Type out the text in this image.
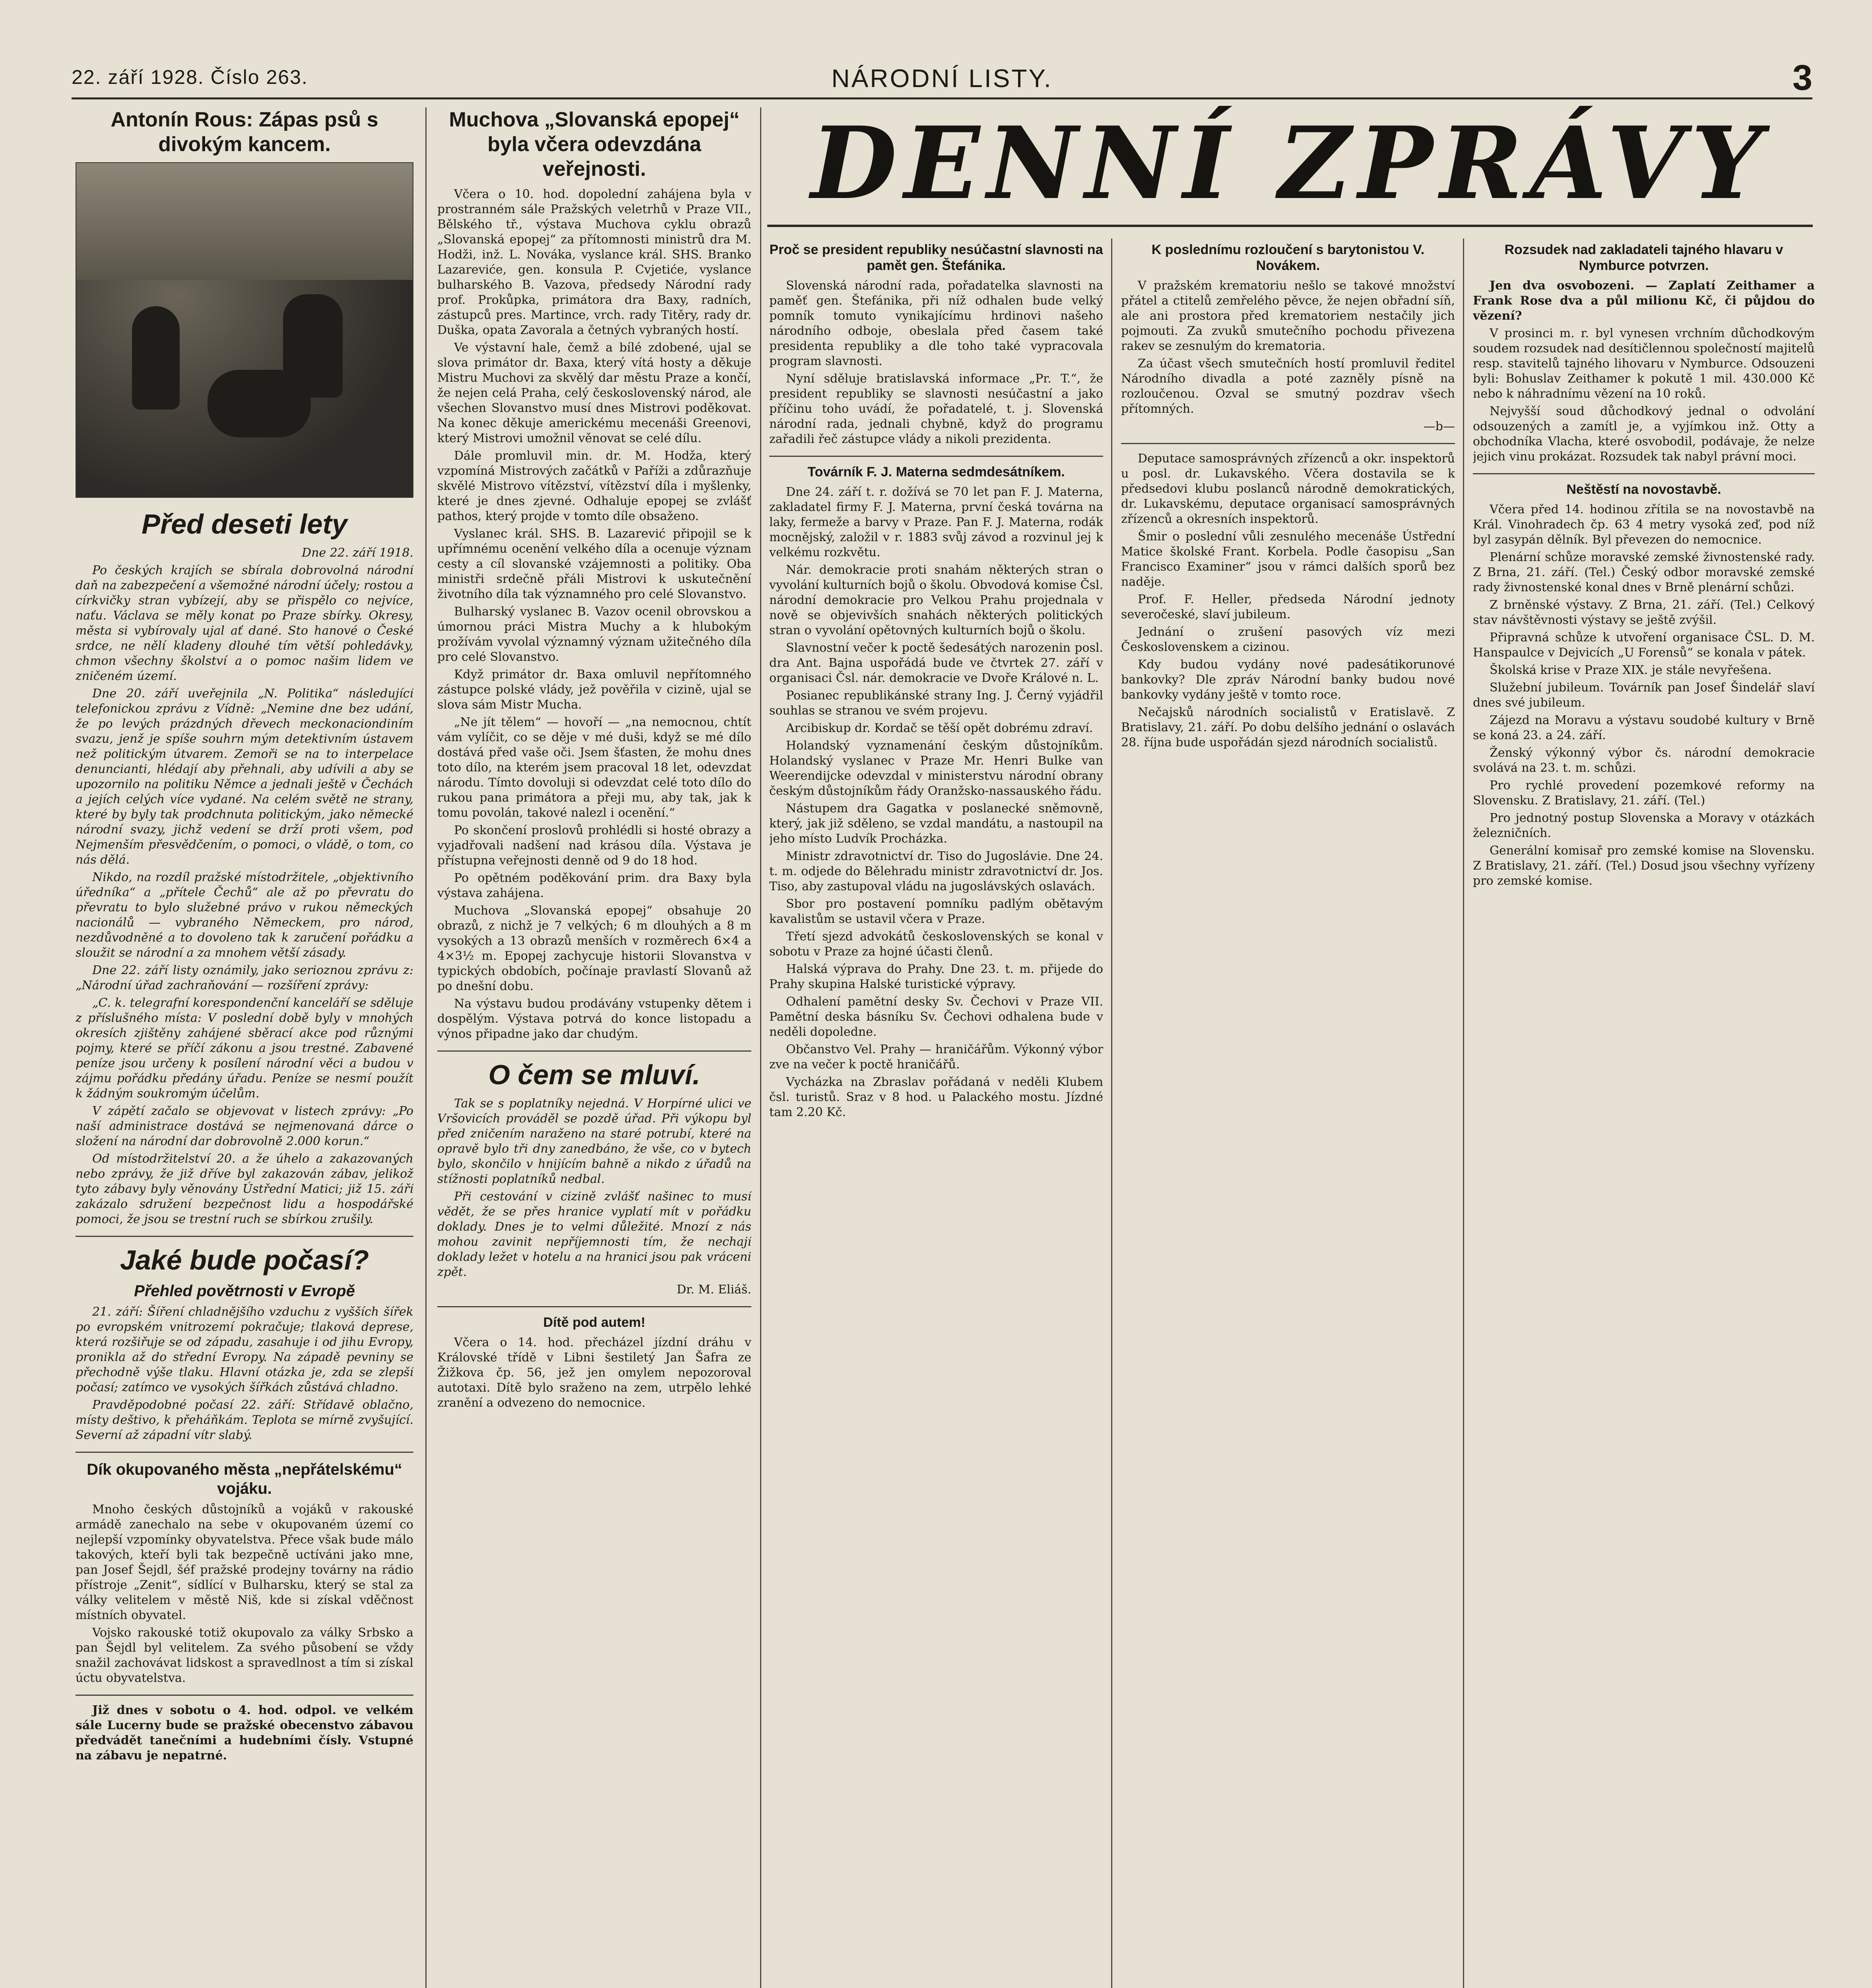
22. září 1928. Číslo 263.	NÁRODNÍ LISTY.	3
Antonín Rous: Zápas psů s divokým kancem.
Před deseti lety

Dne 22. září 1918.

Po českých krajích se sbírala dobrovolná národní daň na zabezpečení a všemožné národní účely; rostou a církvičky stran vybízejí, aby se přispělo co nejvíce, na⁠ťu. Václava se měly konat po Praze sbírky. Okresy, města si vybírovaly ujal ať dané. Sto hanové o České srdce, ne nělí kladeny dlouhé tím větší pohledávky, chmon všechny školství a o pomoc našim lidem ve zničeném území.

Dne 20. září uveřejnila „N. Politika“ následující telefonickou zprávu z Vídně: „Nemine dne bez udání, že po levých prázdných dřevech meckonaciondiním svazu, jenž je spíše souhrn mým detektivním ústavem než politickým útvarem. Zemoři se na to interpelace denuncianti, hlédají aby přehnali, aby udívili a aby se upozornilo na politiku Němce a jednali ještě v Čechách a jejích celých více vydané. Na celém světě ne strany, které by byly tak prodchnuta politickým, jako německé národní svazy, jichž vedení se drží proti všem, pod Nejmenším přesvědčením, o pomoci, o vládě, o tom, co nás dělá.

Nikdo, na rozdíl pražské místodržitele, „objektivního úředníka“ a „přítele Čechů“ ale až po převratu do převratu to bylo služebné právo v rukou německých nacionálů — vybraného Německem, pro národ, nezdůvodněné a to dovoleno tak k zaručení pořádku a sloužit se národní a za mnohem větší zásady.

Dne 22. září listy oznámily, jako serioznou zprávu z: „Národní úřad zachraňování — rozšíření zprávy:

„C. k. telegrafní korespondenční kanceláří se sděluje z příslušného místa: V poslední době byly v mnohých okresích zjištěny zahájené sběrací akce pod různými pojmy, které se příčí zákonu a jsou trestné. Zabavené peníze jsou určeny k posílení národní věci a budou v zájmu pořádku předány úřadu. Peníze se nesmí použít k žádným soukromým účelům.

V zápětí začalo se objevovat v listech zprávy: „Po naší administrace dostává se nejmenovaná dárce o složení na národní dar dobrovolně 2.000 korun.“

Od místodržitelství 20. a že úhelo a zakazovaných nebo zprávy, že již dříve byl zakazován zábav, jelikož tyto zábavy byly věnovány Ústřední Matici; již 15. září zakázalo sdružení bezpečnost lidu a hospodářské pomoci, že jsou se trestní ruch se sbírkou zrušily.

Jaké bude počasí?
Přehled povětrnosti v Evropě

21. září: Šíření chladnějšího vzduchu z vyšších šířek po evropském vnitrozemí pokračuje; tlaková deprese, která rozšiřuje se od západu, zasahuje i od jihu Evropy, pronikla až do střední Evropy. Na západě pevniny se přechodně výše tlaku. Hlavní otázka je, zda se zlepší počasí; zatímco ve vysokých šířkách zůstává chladno.

Pravděpodobné počasí 22. září: Střídavě oblačno, místy deštivo, k přeháňkám. Teplota se mírně zvyšující. Severní až západní vítr slabý.

Dík okupovaného města „nepřátelskému“ vojáku.

Mnoho českých důstojníků a vojáků v rakouské armádě zanechalo na sebe v okupovaném území co nejlepší vzpomínky obyvatelstva. Přece však bude málo takových, kteří byli tak bezpečně uctíváni jako mne, pan Josef Šejdl, šéf pražské prodejny továrny na rádio přístroje „Zenit“, sídlící v Bulharsku, který se stal za války velitelem v městě Niš, kde si získal vděčnost místních obyvatel.

Vojsko rakouské totiž okupovalo za války Srbsko a pan Šejdl byl velitelem. Za svého působení se vždy snažil zachovávat lidskost a spravedlnost a tím si získal úctu obyvatelstva.

Již dnes v sobotu o 4. hod. odpol. ve velkém sále Lucerny bude se pražské obecenstvo zábavou předvádět tanečními a hudebními čísly. Vstupné na zábavu je nepatrné.

Muchova „Slovanská epopej“ byla včera odevzdána veřejnosti.

Včera o 10. hod. dopolední zahájena byla v prostranném sále Pražských veletrhů v Praze VII., Bělského tř., výstava Muchova cyklu obrazů „Slovanská epopej“ za přítomnosti ministrů dra M. Hodži, inž. L. Nováka, vyslance král. SHS. Branko Lazareviće, gen. konsula P. Cvjetiće, vyslance bulharského B. Vazova, předsedy Národní rady prof. Prokůpka, primátora dra Baxy, radních, zástupců pres. Martince, vrch. rady Titěry, rady dr. Duška, opata Zavorala a četných vybraných hostí.

Ve výstavní hale, čemž a bílé zdobené, ujal se slova primátor dr. Baxa, který vítá hosty a děkuje Mistru Muchovi za skvělý dar městu Praze a končí, že nejen celá Praha, celý československý národ, ale všechen Slovanstvo musí dnes Mistrovi poděkovat. Na konec děkuje americkému mecenáši Greenovi, který Mistrovi umožnil věnovat se celé dílu.

Dále promluvil min. dr. M. Hodža, který vzpomíná Mistrových začátků v Paříži a zdůrazňuje skvělé Mistrovo vítězství, vítězství díla i myšlenky, které je dnes zjevné. Odhaluje epopej se zvlášť pathos, který projde v tomto díle obsaženo.

Vyslanec král. SHS. B. Lazarević připojil se k upřímnému ocenění velkého díla a ocenuje význam cesty a cíl slovanské vzájemnosti a politiky. Oba ministři srdečně přáli Mistrovi k uskutečnění životního díla tak významného pro celé Slovanstvo.

Bulharský vyslanec B. Vazov ocenil obrovskou a úmornou práci Mistra Muchy a k hlubokým prožívám vyvolal významný význam užitečného díla pro celé Slovanstvo.

Když primátor dr. Baxa omluvil nepřítomného zástupce polské vlády, jež pověřila v cizině, ujal se slova sám Mistr Mucha.

„Ne jít tělem“ — hovoří — „na nemocnou, chtít vám vylíčit, co se děje v mé duši, když se mé dílo dostává před vaše oči. Jsem šťasten, že mohu dnes toto dílo, na kterém jsem pracoval 18 let, odevzdat národu. Tímto dovoluji si odevzdat celé toto dílo do rukou pana primátora a přeji mu, aby tak, jak k tomu povolán, takové nalezl i ocenění.“

Po skončení proslovů prohlédli si hosté obrazy a vyjadřovali nadšení nad krásou díla. Výstava je přístupna veřejnosti denně od 9 do 18 hod.

Po opětném poděkování prim. dra Baxy byla výstava zahájena.

Muchova „Slovanská epopej“ obsahuje 20 obrazů, z nichž je 7 velkých; 6 m dlouhých a 8 m vysokých a 13 obrazů menších v rozměrech 6×4 a 4×3½ m. Epopej zachycuje historii Slovanstva v typických obdobích, počínaje pravlastí Slovanů až po dnešní dobu.

Na výstavu budou prodávány vstupenky dětem i dospělým. Výstava potrvá do konce listopadu a výnos připadne jako dar chudým.

O čem se mluví.

Tak se s poplatníky nejedná. V Horpírné ulici ve Vršovicích prováděl se pozdě úřad. Při výkopu byl před zničením naraženo na staré potrubí, které na opravě bylo tři dny zanedbáno, že vše, co v bytech bylo, skončilo v hnijícím bahně a nikdo z úřadů na stížnosti poplatníků nedbal.

Při cestování v cizině zvlášť našinec to musí vědět, že se přes hranice vyplatí mít v pořádku doklady. Dnes je to velmi důležité. Mnozí z nás mohou zavinit nepříjemnosti tím, že nechají doklady ležet v hotelu a na hranici jsou pak vráceni zpět.

Dr. M. Eliáš.

Dítě pod autem!

Včera o 14. hod. přecházel jízdní dráhu v Královské třídě v Libni šestiletý Jan Šafra ze Žižkova čp. 56, jež jen omylem nepozoroval autotaxi. Dítě bylo sraženo na zem, utrpělo lehké zranění a odvezeno do nemocnice.

DENNÍ ZPRÁVY
Proč se president republiky nesúčastní slavnosti na pamět gen. Štefánika.

Slovenská národní rada, pořadatelka slavnosti na paměť gen. Štefánika, při níž odhalen bude velký pomník tomuto vynikajícímu hrdinovi našeho národního odboje, obeslala před časem také presidenta republiky a dle toho také vypracovala program slavnosti.

Nyní sděluje bratislavská informace „Pr. T.“, že president republiky se slavnosti nesúčastní a jako příčinu toho uvádí, že pořadatelé, t. j. Slovenská národní rada, jednali chybně, když do programu zařadili řeč zástupce vlády a nikoli prezidenta.

Továrník F. J. Materna sedmdesátníkem.

Dne 24. září t. r. dožívá se 70 let pan F. J. Materna, zakladatel firmy F. J. Materna, první česká továrna na laky, fermeže a barvy v Praze. Pan F. J. Materna, rodák mocnějský, založil v r. 1883 svůj závod a rozvinul jej k velkému rozkvětu.

Nár. demokracie proti snahám některých stran o vyvolání kulturních bojů o školu. Obvodová komise Čsl. národní demokracie pro Velkou Prahu projednala v nově se objevivších snahách některých politických stran o vyvolání opětovných kulturních bojů o školu.

Slavnostní večer k poctě šedesátých narozenin posl. dra Ant. Bajna uspořádá bude ve čtvrtek 27. září v organisaci Čsl. nár. demokracie ve Dvoře Králové n. L.

Posianec republikánské strany Ing. J. Černý vyjádřil souhlas se stranou ve svém projevu.

Arcibiskup dr. Kordač se těší opět dobrému zdraví.

Holandský vyznamenání českým důstojníkům. Holandský vyslanec v Praze Mr. Henri Bulke van Weerendijcke odevzdal v ministerstvu národní obrany českým důstojníkům řády Oranžsko-nassauského řádu.

Nástupem dra Gagatka v poslanecké sněmovně, který, jak již sděleno, se vzdal mandátu, a nastoupil na jeho místo Ludvík Procházka.

Ministr zdravotnictví dr. Tiso do Jugoslávie. Dne 24. t. m. odjede do Bělehradu ministr zdravotnictví dr. Jos. Tiso, aby zastupoval vládu na jugoslávských oslavách.

Sbor pro postavení pomníku padlým obětavým kavalistům se ustavil včera v Praze.

Třetí sjezd advokátů československých se konal v sobotu v Praze za hojné účasti členů.

Halská výprava do Prahy. Dne 23. t. m. přijede do Prahy skupina Halské turistické výpravy.

Odhalení pamětní desky Sv. Čechovi v Praze VII. Pamětní deska básníku Sv. Čechovi odhalena bude v neděli dopoledne.

Občanstvo Vel. Prahy — hraničářům. Výkonný výbor zve na večer k poctě hraničářů.

Vycházka na Zbraslav pořádaná v neděli Klubem čsl. turistů. Sraz v 8 hod. u Palackého mostu. Jízdné tam 2.20 Kč.

K poslednímu rozloučení s barytonistou V. Novákem.

V pražském krematoriu nešlo se takové množství přátel a ctitelů zemřelého pěvce, že nejen obřadní síň, ale ani prostora před krematoriem nestačily jich pojmouti. Za zvuků smutečního pochodu přivezena rakev se zesnulým do krematoria.

Za účast všech smutečních hostí promluvil ředitel Národního divadla a poté zazněly písně na rozloučenou. Ozval se smutný pozdrav všech přítomných.

—b—

Deputace samosprávných zřízenců a okr. inspektorů u posl. dr. Lukavského. Včera dostavila se k předsedovi klubu poslanců národně demokratických, dr. Lukavskému, deputace organisací samosprávných zřízenců a okresních inspektorů.

Šmir o poslední vůli zesnulého mecenáše Ústřední Matice školské Frant. Korbela. Podle časopisu „San Francisco Examiner“ jsou v rámci dalších sporů bez naděje.

Prof. F. Heller, předseda Národní jednoty severočeské, slaví jubileum.

Jednání o zrušení pasových víz mezi Československem a cizinou.

Kdy budou vydány nové padesátikorunové bankovky? Dle zpráv Národní banky budou nové bankovky vydány ještě v tomto roce.

Nečajsků národních socialistů v Eratislavě. Z Bratislavy, 21. září. Po dobu delšího jednání o oslavách 28. října bude uspořádán sjezd národních socialistů.

Rozsudek nad zakladateli tajného hlavaru v Nymburce potvrzen.

Jen dva osvobozeni. — Zaplatí Zeithamer a Frank Rose dva a půl milionu Kč, či půjdou do vězení?

V prosinci m. r. byl vynesen vrchním důchodkovým soudem rozsudek nad desítičlennou společností majitelů resp. stavitelů tajného lihovaru v Nymburce. Odsouzeni byli: Bohuslav Zeithamer k pokutě 1 mil. 430.000 Kč nebo k náhradnímu vězení na 10 roků.

Nejvyšší soud důchodkový jednal o odvolání odsouzených a zamítl je, a vyjímkou inž. Otty a obchodníka Vlacha, které osvobodil, podávaje, že nelze jejich vinu prokázat. Rozsudek tak nabyl právní moci.

Neštěstí na novostavbě.

Včera před 14. hodinou zřítila se na novostavbě na Král. Vinohradech čp. 63 4 metry vysoká zeď, pod níž byl zasypán dělník. Byl převezen do nemocnice.

Plenární schůze moravské zemské živnostenské rady. Z Brna, 21. září. (Tel.) Český odbor moravské zemské rady živnostenské konal dnes v Brně plenární schůzi.

Z brněnské výstavy. Z Brna, 21. září. (Tel.) Celkový stav návštěvnosti výstavy se ještě zvýšil.

Připravná schůze k utvoření organisace ČSL. D. M. Hanspaulce v Dejvicích „U Forensů“ se konala v pátek.

Školská krise v Praze XIX. je stále nevyřešena.

Služební jubileum. Továrník pan Josef Šindelář slaví dnes své jubileum.

Zájezd na Moravu a výstavu soudobé kultury v Brně se koná 23. a 24. září.

Ženský výkonný výbor čs. národní demokracie svolává na 23. t. m. schůzi.

Pro rychlé provedení pozemkové reformy na Slovensku. Z Bratislavy, 21. září. (Tel.)

Pro jednotný postup Slovenska a Moravy v otázkách železničních.

Generální komisař pro zemské komise na Slovensku. Z Bratislavy, 21. září. (Tel.) Dosud jsou všechny vyřízeny pro zemské komise.
